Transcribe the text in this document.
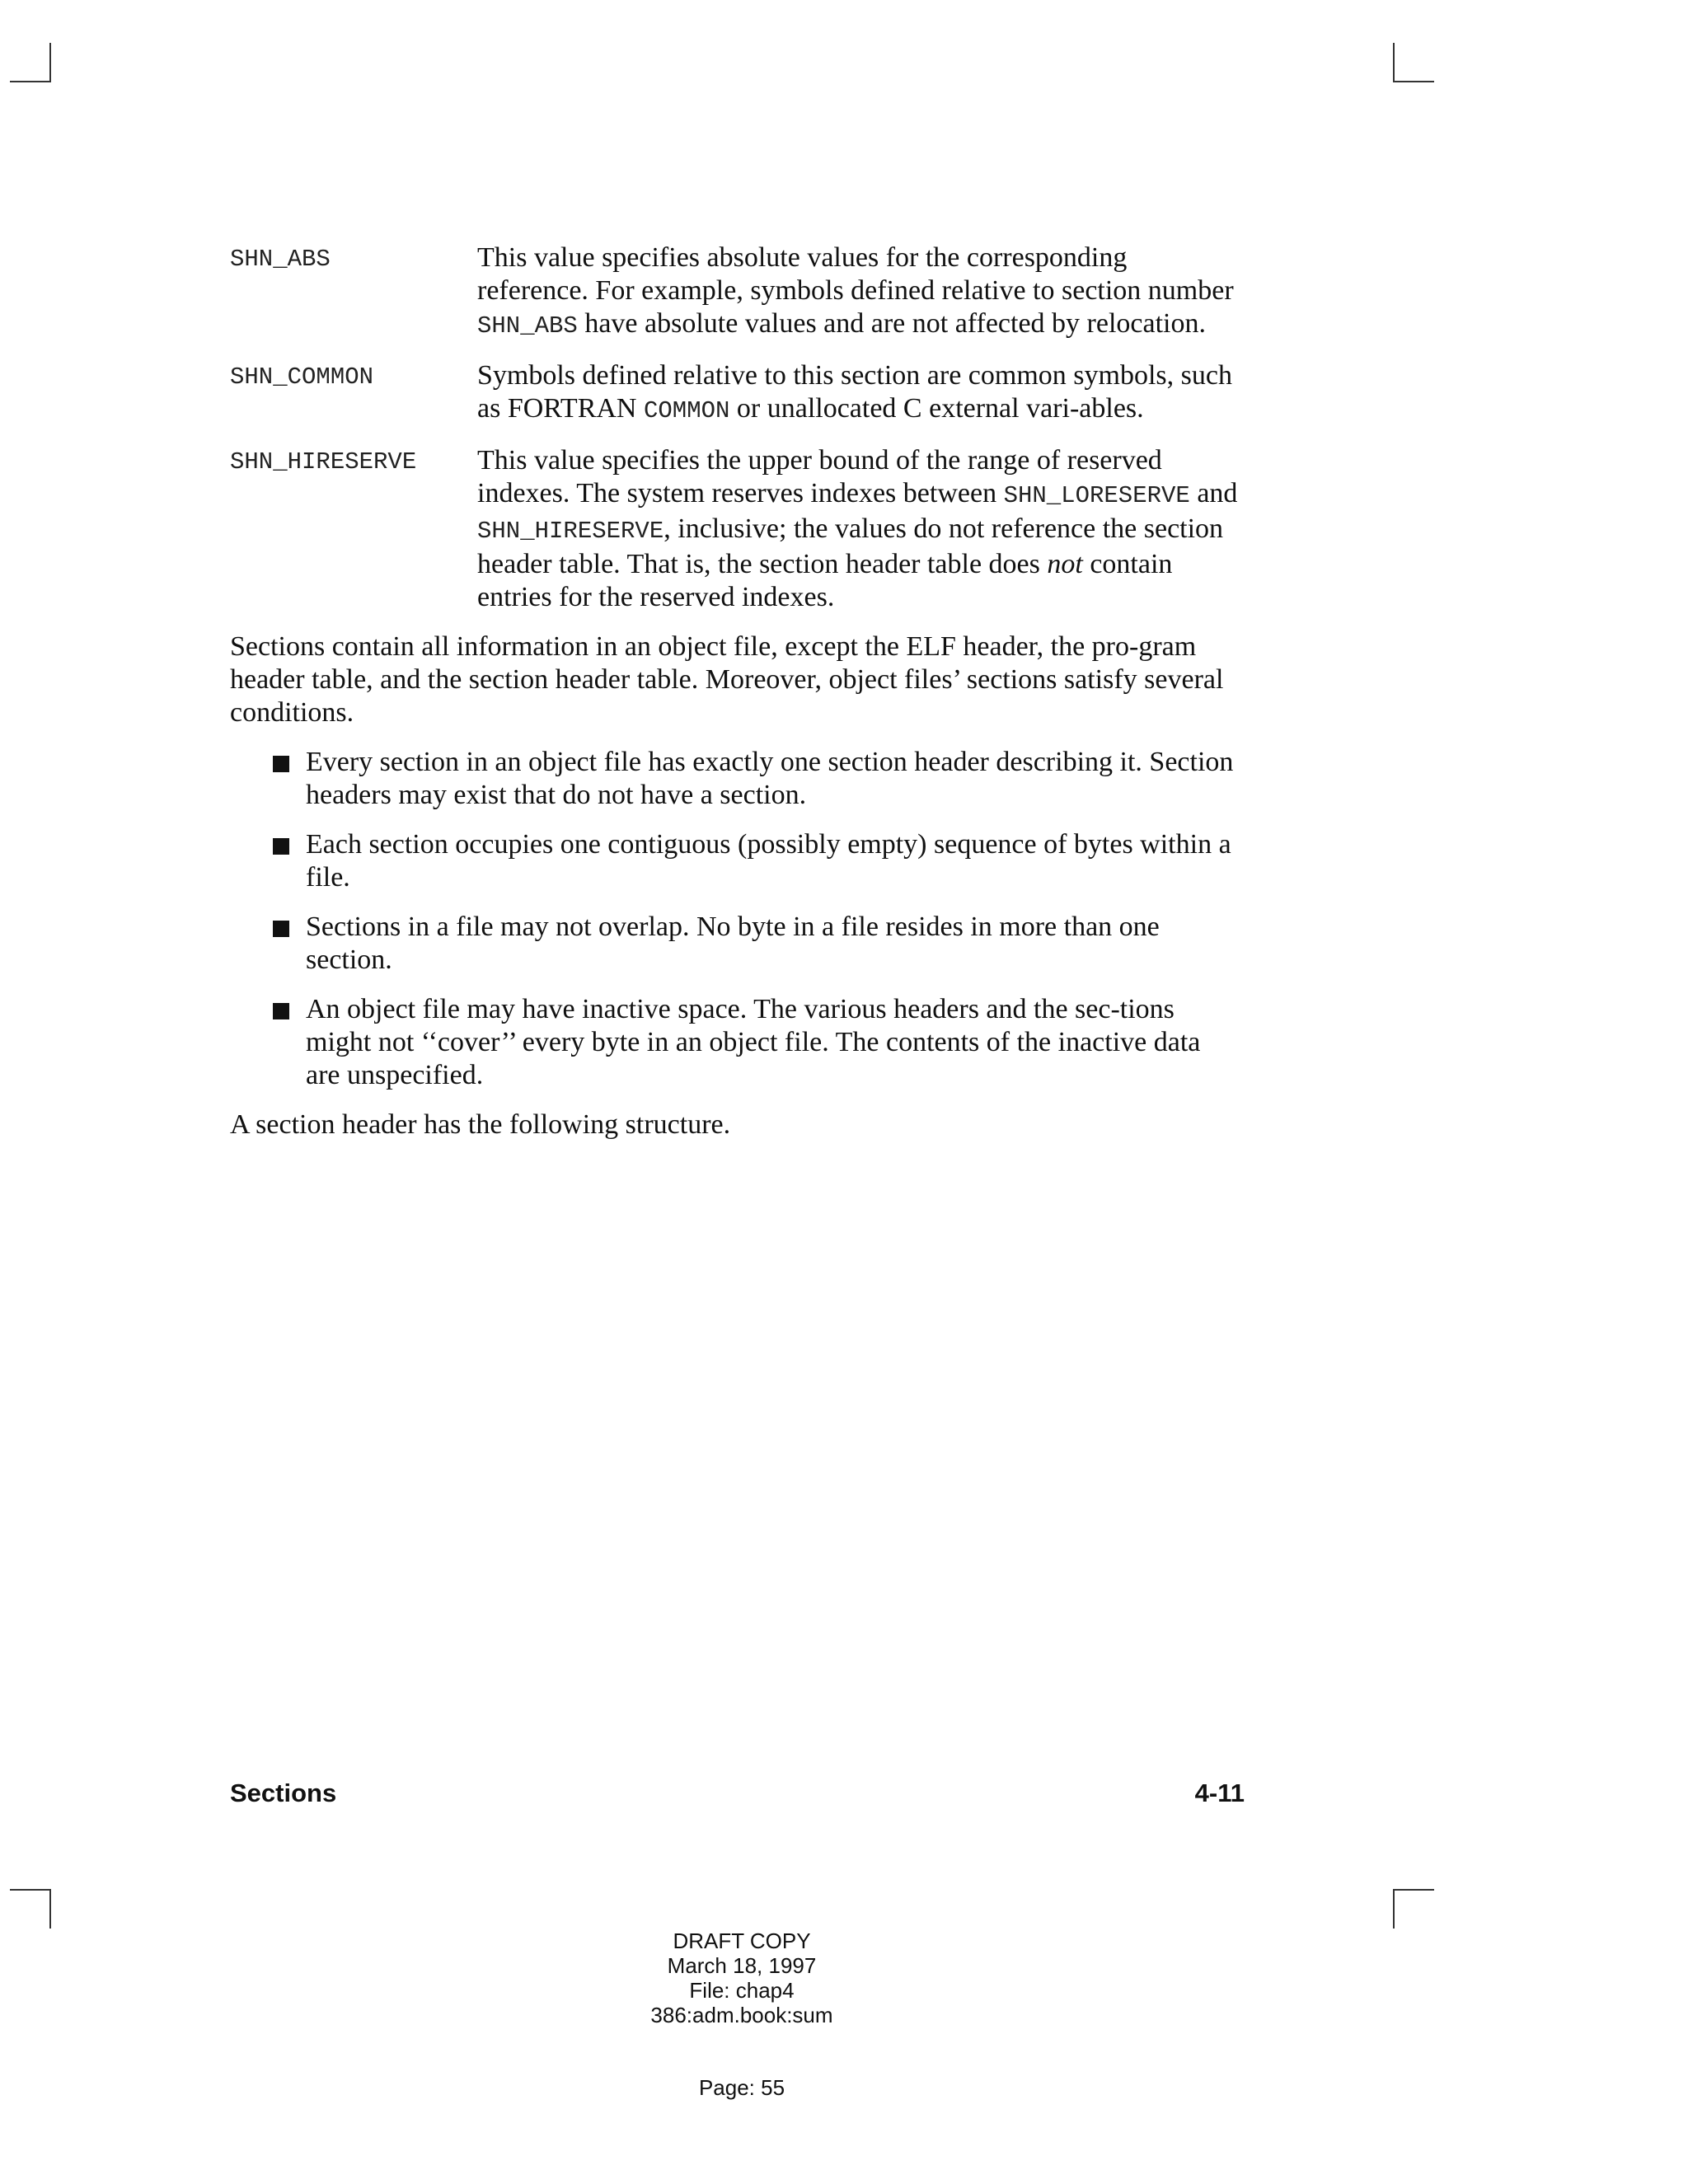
SHN_ABS	This value specifies absolute values for the corresponding reference. For example, symbols defined relative to section number SHN_ABS have absolute values and are not affected by relocation.
SHN_COMMON	Symbols defined relative to this section are common symbols, such as FORTRAN COMMON or unallocated C external vari-ables.
SHN_HIRESERVE	This value specifies the upper bound of the range of reserved indexes. The system reserves indexes between SHN_LORESERVE and SHN_HIRESERVE, inclusive; the values do not reference the section header table. That is, the section header table does not contain entries for the reserved indexes.

Sections contain all information in an object file, except the ELF header, the pro-gram header table, and the section header table. Moreover, object files’ sections satisfy several conditions.

Every section in an object file has exactly one section header describing it. Section headers may exist that do not have a section.
Each section occupies one contiguous (possibly empty) sequence of bytes within a file.
Sections in a file may not overlap. No byte in a file resides in more than one section.
An object file may have inactive space. The various headers and the sec-tions might not ‘‘cover’’ every byte in an object file. The contents of the inactive data are unspecified.

A section header has the following structure.

Sections	4-11
DRAFT COPY
March 18, 1997
File: chap4
386:adm.book:sum
Page: 55
